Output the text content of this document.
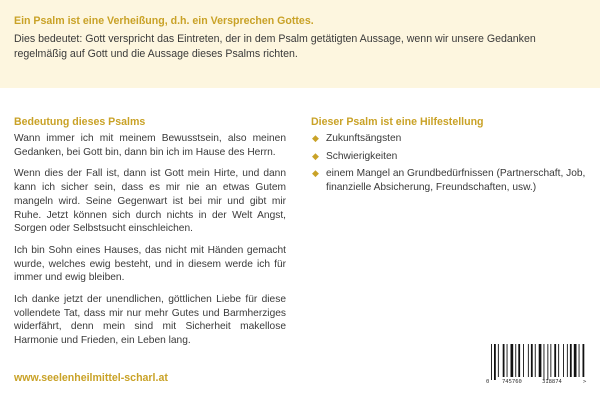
Ein Psalm ist eine Verheißung, d.h. ein Versprechen Gottes.

Dies bedeutet: Gott verspricht das Eintreten, der in dem Psalm getätigten Aussage, wenn wir unsere Gedanken regelmäßig auf Gott und die Aussage dieses Psalms richten.

Bedeutung dieses Psalms

Wann immer ich mit meinem Bewusstsein, also meinen Gedanken, bei Gott bin, dann bin ich im Hause des Herrn.

Wenn dies der Fall ist, dann ist Gott mein Hirte, und dann kann ich sicher sein, dass es mir nie an etwas Gutem mangeln wird. Seine Gegenwart ist bei mir und gibt mir Ruhe. Jetzt können sich durch nichts in der Welt Angst, Sorgen oder Selbstsucht einschleichen.

Ich bin Sohn eines Hauses, das nicht mit Händen gemacht wurde, welches ewig besteht, und in diesem werde ich für immer und ewig bleiben.

Ich danke jetzt der unendlichen, göttlichen Liebe für diese vollendete Tat, dass mir nur mehr Gutes und Barmherziges widerfährt, denn mein sind mit Sicherheit makellose Harmonie und Frieden, ein Leben lang.

Dieser Psalm ist eine Hilfestellung

◆ Zukunftsängsten
◆ Schwierigkeiten
◆ einem Mangel an Grundbedürfnissen (Partnerschaft, Job, finanzielle Absicherung, Freundschaften, usw.)
www.seelenheilmittel-scharl.at	0 745760	318874	>
